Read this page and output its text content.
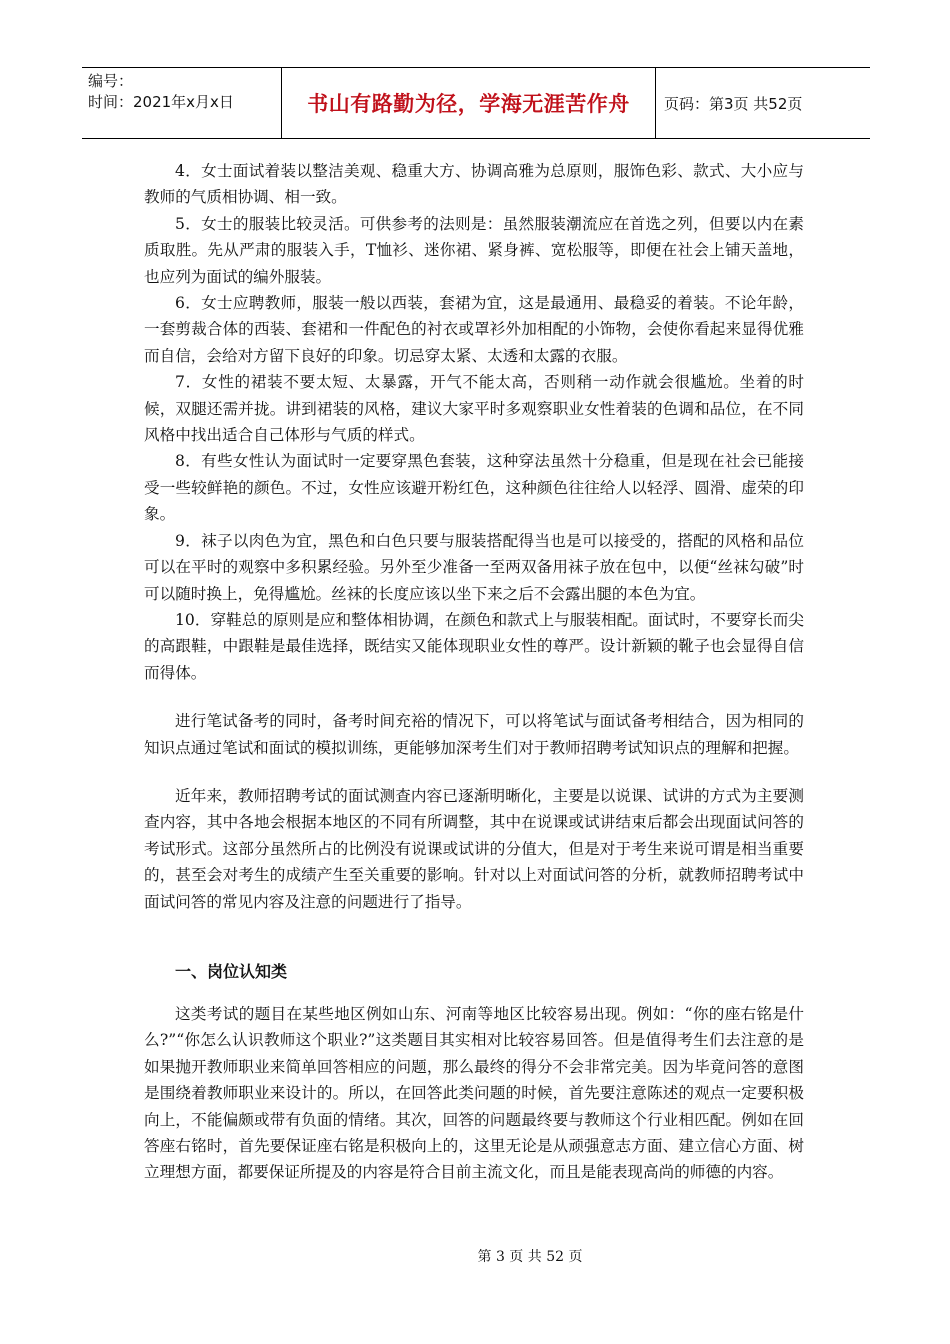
编号：
时间：2021年x月x日	书山有路勤为径，学海无涯苦作舟 页码：第3页 共52页

4．女士面试着装以整洁美观、稳重大方、协调高雅为总原则，服饰色彩、款式、大小应与教师的气质相协调、相一致。

5．女士的服装比较灵活。可供参考的法则是：虽然服装潮流应在首选之列，但要以内在素质取胜。先从严肃的服装入手，T恤衫、迷你裙、紧身裤、宽松服等，即便在社会上铺天盖地，也应列为面试的编外服装。

6．女士应聘教师，服装一般以西装，套裙为宜，这是最通用、最稳妥的着装。不论年龄，一套剪裁合体的西装、套裙和一件配色的衬衣或罩衫外加相配的小饰物，会使你看起来显得优雅而自信，会给对方留下良好的印象。切忌穿太紧、太透和太露的衣服。

7．女性的裙装不要太短、太暴露，开气不能太高，否则稍一动作就会很尴尬。坐着的时候，双腿还需并拢。讲到裙装的风格，建议大家平时多观察职业女性着装的色调和品位，在不同风格中找出适合自己体形与气质的样式。

8．有些女性认为面试时一定要穿黑色套装，这种穿法虽然十分稳重，但是现在社会已能接受一些较鲜艳的颜色。不过，女性应该避开粉红色，这种颜色往往给人以轻浮、圆滑、虚荣的印象。

9．袜子以肉色为宜，黑色和白色只要与服装搭配得当也是可以接受的，搭配的风格和品位可以在平时的观察中多积累经验。另外至少准备一至两双备用袜子放在包中，以便“丝袜勾破”时可以随时换上，免得尴尬。丝袜的长度应该以坐下来之后不会露出腿的本色为宜。

10．穿鞋总的原则是应和整体相协调，在颜色和款式上与服装相配。面试时，不要穿长而尖的高跟鞋，中跟鞋是最佳选择，既结实又能体现职业女性的尊严。设计新颖的靴子也会显得自信而得体。

进行笔试备考的同时，备考时间充裕的情况下，可以将笔试与面试备考相结合，因为相同的知识点通过笔试和面试的模拟训练，更能够加深考生们对于教师招聘考试知识点的理解和把握。

近年来，教师招聘考试的面试测查内容已逐渐明晰化，主要是以说课、试讲的方式为主要测查内容，其中各地会根据本地区的不同有所调整，其中在说课或试讲结束后都会出现面试问答的考试形式。这部分虽然所占的比例没有说课或试讲的分值大，但是对于考生来说可谓是相当重要的，甚至会对考生的成绩产生至关重要的影响。针对以上对面试问答的分析，就教师招聘考试中面试问答的常见内容及注意的问题进行了指导。

一、岗位认知类

这类考试的题目在某些地区例如山东、河南等地区比较容易出现。例如：“你的座右铭是什么?”“你怎么认识教师这个职业?”这类题目其实相对比较容易回答。但是值得考生们去注意的是如果抛开教师职业来简单回答相应的问题，那么最终的得分不会非常完美。因为毕竟问答的意图是围绕着教师职业来设计的。所以，在回答此类问题的时候，首先要注意陈述的观点一定要积极向上，不能偏颇或带有负面的情绪。其次，回答的问题最终要与教师这个行业相匹配。例如在回答座右铭时，首先要保证座右铭是积极向上的，这里无论是从顽强意志方面、建立信心方面、树立理想方面，都要保证所提及的内容是符合目前主流文化，而且是能表现高尚的师德的内容。

第 3 页 共 52 页
